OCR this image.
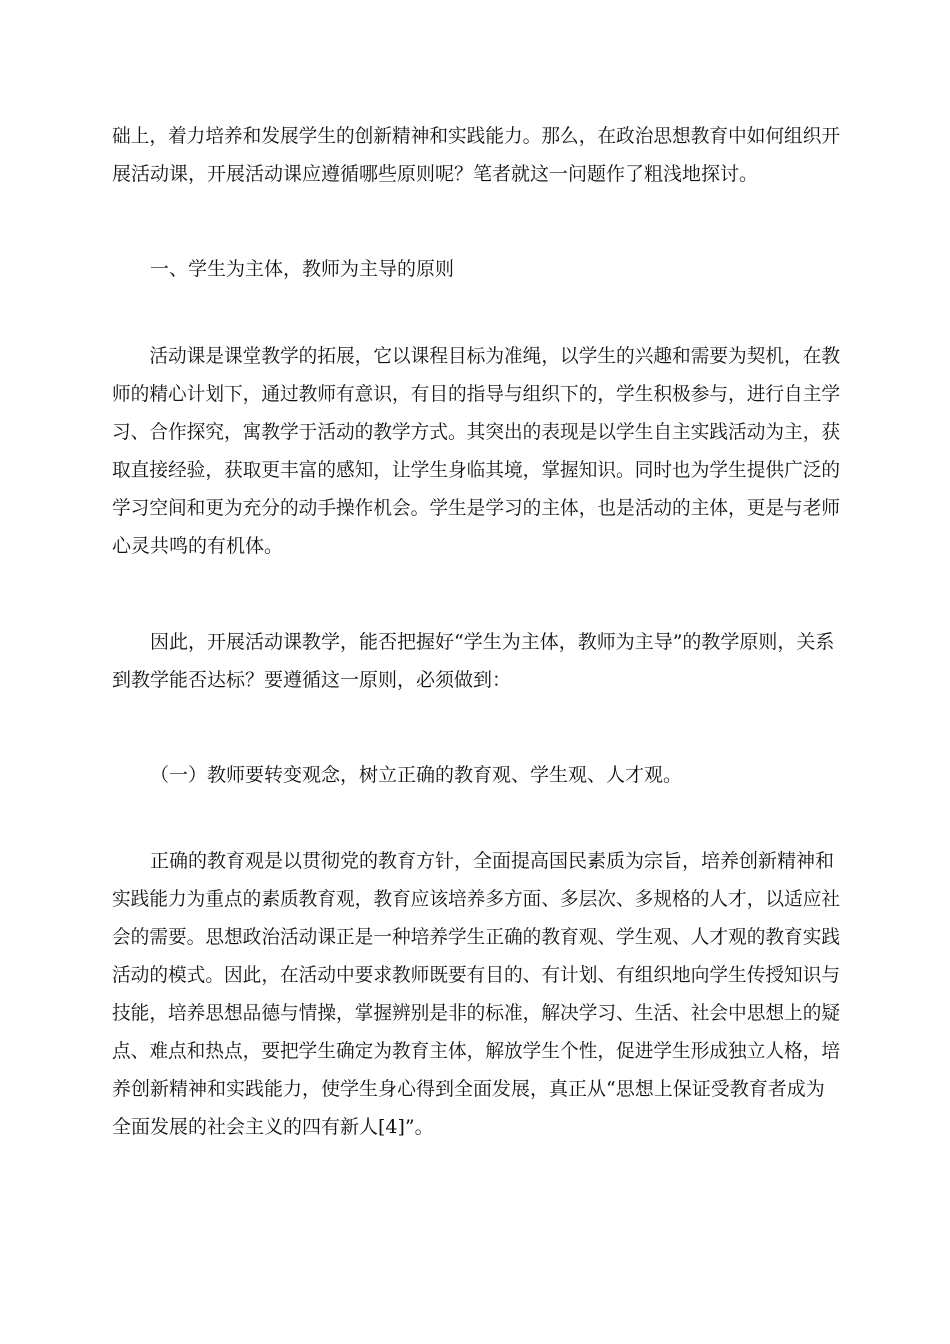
础上，着力培养和发展学生的创新精神和实践能力。那么，在政治思想教育中如何组织开
展活动课，开展活动课应遵循哪些原则呢？笔者就这一问题作了粗浅地探讨。
一、学生为主体，教师为主导的原则
活动课是课堂教学的拓展，它以课程目标为准绳，以学生的兴趣和需要为契机，在教
师的精心计划下，通过教师有意识，有目的指导与组织下的，学生积极参与，进行自主学
习、合作探究，寓教学于活动的教学方式。其突出的表现是以学生自主实践活动为主，获
取直接经验，获取更丰富的感知，让学生身临其境，掌握知识。同时也为学生提供广泛的
学习空间和更为充分的动手操作机会。学生是学习的主体，也是活动的主体，更是与老师
心灵共鸣的有机体。
因此，开展活动课教学，能否把握好“学生为主体，教师为主导”的教学原则，关系
到教学能否达标？要遵循这一原则，必须做到：
（一）教师要转变观念，树立正确的教育观、学生观、人才观。
正确的教育观是以贯彻党的教育方针，全面提高国民素质为宗旨，培养创新精神和
实践能力为重点的素质教育观，教育应该培养多方面、多层次、多规格的人才，以适应社
会的需要。思想政治活动课正是一种培养学生正确的教育观、学生观、人才观的教育实践
活动的模式。因此，在活动中要求教师既要有目的、有计划、有组织地向学生传授知识与
技能，培养思想品德与情操，掌握辨别是非的标准，解决学习、生活、社会中思想上的疑
点、难点和热点，要把学生确定为教育主体，解放学生个性，促进学生形成独立人格，培
养创新精神和实践能力，使学生身心得到全面发展，真正从“思想上保证受教育者成为
全面发展的社会主义的四有新人[4]”。
